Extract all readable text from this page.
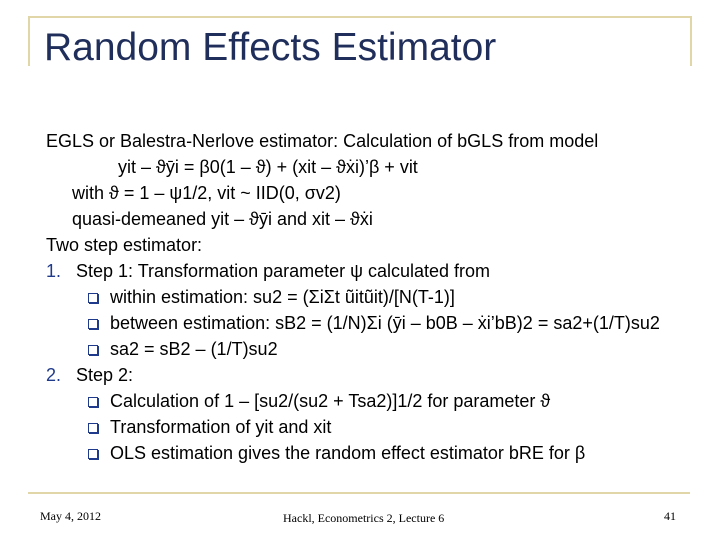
Random Effects Estimator
EGLS or Balestra-Nerlove estimator: Calculation of bGLS from model
yit – ϑȳi = β0(1 – ϑ) + (xit – ϑẋi)’β + vit
with ϑ = 1 – ψ1/2, vit ~ IID(0, σv2)
quasi-demeaned yit – ϑȳi and xit – ϑẋi
Two step estimator:
1. Step 1: Transformation parameter ψ calculated from
within estimation: su2 = (ΣiΣt ũitũit)/[N(T-1)]
between estimation: sB2 = (1/N)Σi (ȳi – b0B – ẋi’bB)2 = sa2+(1/T)su2
sa2 = sB2 – (1/T)su2
2. Step 2:
Calculation of 1 – [su2/(su2 + Tsa2)]1/2 for parameter ϑ
Transformation of yit and xit
OLS estimation gives the random effect estimator bRE for β
May 4, 2012	Hackl, Econometrics 2, Lecture 6	41
